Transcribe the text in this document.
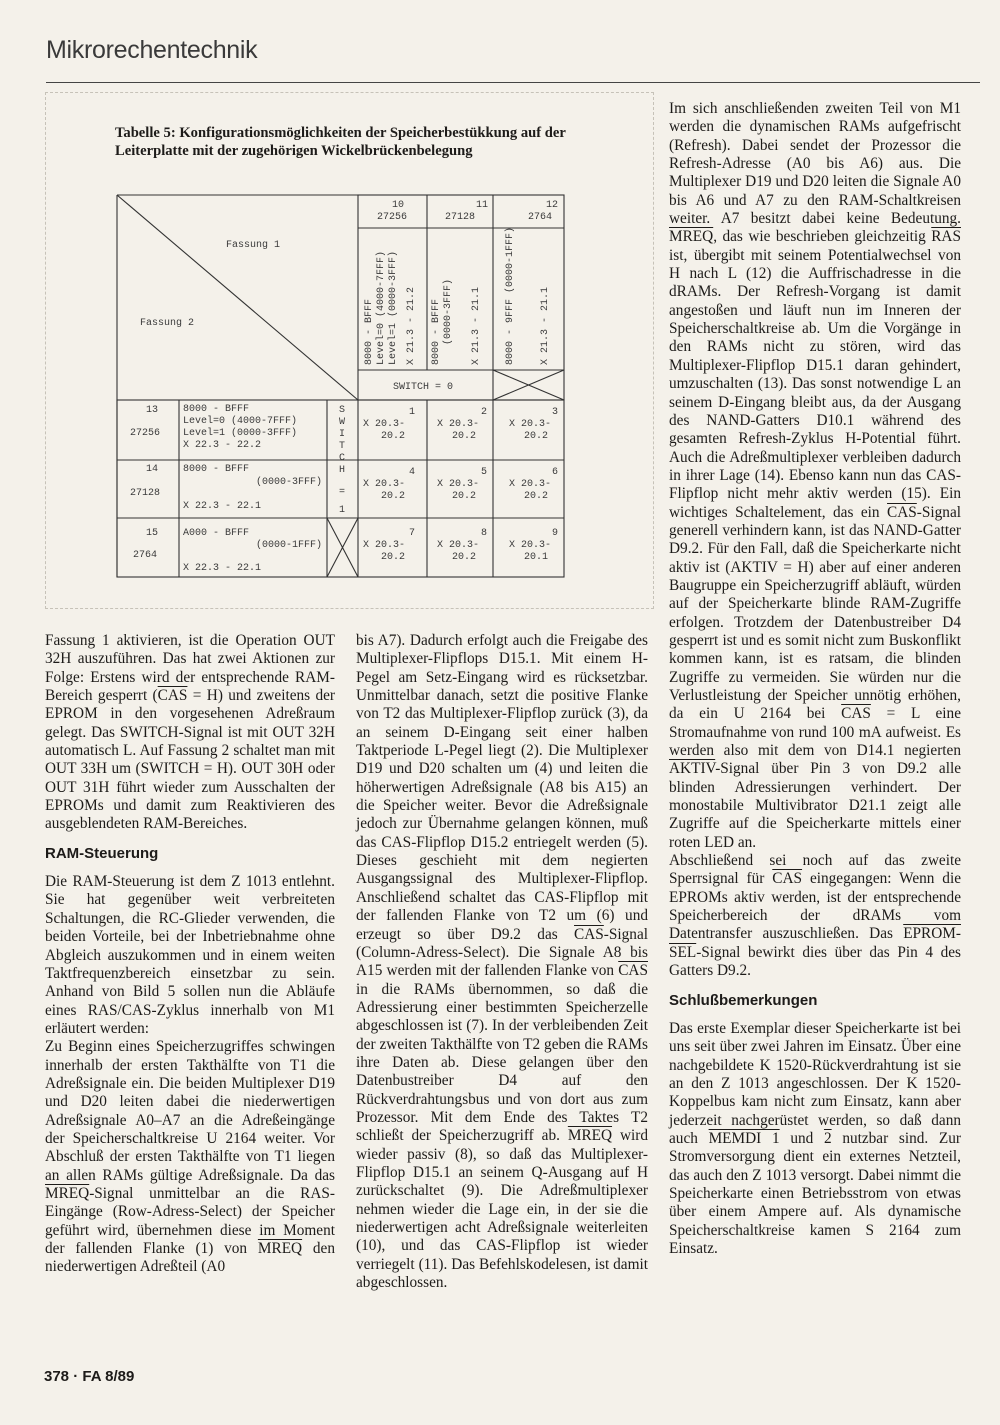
Mikrorechentechnik
Tabelle 5: Konfigurationsmöglichkeiten der Speicherbestükkung auf der Leiterplatte mit der zugehörigen Wickelbrückenbelegung
Fassung 1
Fassung 2
10
27256
11
27128
12
2764
8000 - BFFF Level=0 (4000-7FFF) Level=1 (0000-3FFF) X 21.3 - 21.2 8000 - BFFF (0000-3FFF) X 21.3 - 21.1 8000 - 9FFF (0000-1FFF) X 21.3 - 21.1
SWITCH = 0
13
27256
8000 - BFFF
Level=0 (4000-7FFF)
Level=1 (0000-3FFF)
X 22.3 - 22.2
14
27128
8000 - BFFF
(0000-3FFF)
X 22.3 - 22.1
15
2764
A000 - BFFF
(0000-1FFF)
X 22.3 - 22.1
S
W
I
T
C
H
=
1
1
X 20.3-
20.2
2
X 20.3-
20.2
3
X 20.3-
20.2
4
X 20.3-
20.2
5
X 20.3-
20.2
6
X 20.3-
20.2
7
X 20.3-
20.2
8
X 20.3-
20.2
9
X 20.3-
20.1

Fassung 1 aktivieren, ist die Operation OUT 32H auszuführen. Das hat zwei Aktionen zur Folge: Erstens wird der entsprechende RAM-Bereich gesperrt $(\overline{CAS} = H)$ und zweitens der EPROM in den vorgesehenen Adreßraum gelegt. Das SWITCH-Signal ist mit OUT 32H automatisch L. Auf Fassung 2 schaltet man mit OUT 33H um (SWITCH = H). OUT 30H oder OUT 31H führt wieder zum Ausschalten der EPROMs und damit zum Reaktivieren des ausgeblendeten RAM-Bereiches.

RAM-Steuerung

Die RAM-Steuerung ist dem Z 1013 entlehnt. Sie hat gegenüber weit verbreiteten Schaltungen, die RC-Glieder verwenden, die beiden Vorteile, bei der Inbetriebnahme ohne Abgleich auszukommen und in einem weiten Taktfrequenzbereich einsetzbar zu sein. Anhand von Bild 5 sollen nun die Abläufe eines RAS/CAS-Zyklus innerhalb von M1 erläutert werden:

Zu Beginn eines Speicherzugriffes schwingen innerhalb der ersten Takthälfte von T1 die Adreßsignale ein. Die beiden Multiplexer D19 und D20 leiten dabei die niederwertigen Adreßsignale A0–A7 an die Adreßeingänge der Speicherschaltkreise U 2164 weiter. Vor Abschluß der ersten Takthälfte von T1 liegen an allen RAMs gültige Adreßsignale. Da das MREQ-Signal unmittelbar an die RAS-Eingänge (Row-Adress-Select) der Speicher geführt wird, übernehmen diese im Moment der fallenden Flanke (1) von MREQ den niederwertigen Adreßteil (A0

bis A7). Dadurch erfolgt auch die Freigabe des Multiplexer-Flipflops D15.1. Mit einem H-Pegel am Setz-Eingang wird es rücksetzbar. Unmittelbar danach, setzt die positive Flanke von T2 das Multiplexer-Flipflop zurück (3), da an seinem D-Eingang seit einer halben Taktperiode L-Pegel liegt (2). Die Multiplexer D19 und D20 schalten um (4) und leiten die höherwertigen Adreßsignale (A8 bis A15) an die Speicher weiter. Bevor die Adreßsignale jedoch zur Übernahme gelangen können, muß das CAS-Flipflop D15.2 entriegelt werden (5). Dieses geschieht mit dem negierten Ausgangssignal des Multiplexer-Flipflop. Anschließend schaltet das CAS-Flipflop mit der fallenden Flanke von T2 um (6) und erzeugt so über D9.2 das $\overline{CAS}$-Signal (Column-Adress-Select). Die Signale A8 bis A15 werden mit der fallenden Flanke von $\overline{CAS}$ in die RAMs übernommen, so daß die Adressierung einer bestimmten Speicherzelle abgeschlossen ist (7). In der verbleibenden Zeit der zweiten Takthälfte von T2 geben die RAMs ihre Daten ab. Diese gelangen über den Datenbustreiber D4 auf den Rückverdrahtungsbus und von dort aus zum Prozessor. Mit dem Ende des Taktes T2 schließt der Speicherzugriff ab. MREQ wird wieder passiv (8), so daß das Multiplexer-Flipflop D15.1 an seinem Q-Ausgang auf H zurückschaltet (9). Die Adreßmultiplexer nehmen wieder die Lage ein, in der sie die niederwertigen acht Adreßsignale weiterleiten (10), und das CAS-Flipflop ist wieder verriegelt (11). Das Befehlskodelesen, ist damit abgeschlossen.

Im sich anschließenden zweiten Teil von M1 werden die dynamischen RAMs aufgefrischt (Refresh). Dabei sendet der Prozessor die Refresh-Adresse (A0 bis A6) aus. Die Multiplexer D19 und D20 leiten die Signale A0 bis A6 und A7 zu den RAM-Schaltkreisen weiter. A7 besitzt dabei keine Bedeutung. MREQ, das wie beschrieben gleichzeitig $\overline{RAS}$ ist, übergibt mit seinem Potentialwechsel von H nach L (12) die Auffrischadresse in die dRAMs. Der Refresh-Vorgang ist damit angestoßen und läuft nun im Inneren der Speicherschaltkreise ab. Um die Vorgänge in den RAMs nicht zu stören, wird das Multiplexer-Flipflop D15.1 daran gehindert, umzuschalten (13). Das sonst notwendige L an seinem D-Eingang bleibt aus, da der Ausgang des NAND-Gatters D10.1 während des gesamten Refresh-Zyklus H-Potential führt. Auch die Adreßmultiplexer verbleiben dadurch in ihrer Lage (14). Ebenso kann nun das CAS-Flipflop nicht mehr aktiv werden (15). Ein wichtiges Schaltelement, das ein $\overline{CAS}$-Signal generell verhindern kann, ist das NAND-Gatter D9.2. Für den Fall, daß die Speicherkarte nicht aktiv ist (AKTIV = H) aber auf einer anderen Baugruppe ein Speicherzugriff abläuft, würden auf der Speicherkarte blinde RAM-Zugriffe erfolgen. Trotzdem der Datenbustreiber D4 gesperrt ist und es somit nicht zum Buskonflikt kommen kann, ist es ratsam, die blinden Zugriffe zu vermeiden. Sie würden nur die Verlustleistung der Speicher unnötig erhöhen, da ein U 2164 bei $\overline{CAS} = L$ eine Stromaufnahme von rund 100 mA aufweist. Es werden also mit dem von D14.1 negierten AKTIV-Signal über Pin 3 von D9.2 alle blinden Adressierungen verhindert. Der monostabile Multivibrator D21.1 zeigt alle Zugriffe auf die Speicherkarte mittels einer roten LED an.

Abschließend sei noch auf das zweite Sperrsignal für $\overline{CAS}$ eingegangen: Wenn die EPROMs aktiv werden, ist der entsprechende Speicherbereich der dRAMs vom Datentransfer auszuschließen. Das EPROM-SEL-Signal bewirkt dies über das Pin 4 des Gatters D9.2.

Schlußbemerkungen

Das erste Exemplar dieser Speicherkarte ist bei uns seit über zwei Jahren im Einsatz. Über eine nachgebildete K 1520-Rückverdrahtung ist sie an den Z 1013 angeschlossen. Der K 1520-Koppelbus kam nicht zum Einsatz, kann aber jederzeit nachgerüstet werden, so daß dann auch MEMDI 1 und 2 nutzbar sind. Zur Stromversorgung dient ein externes Netzteil, das auch den Z 1013 versorgt. Dabei nimmt die Speicherkarte einen Betriebsstrom von etwas über einem Ampere auf. Als dynamische Speicherschaltkreise kamen S 2164 zum Einsatz.

378 · FA 8/89
